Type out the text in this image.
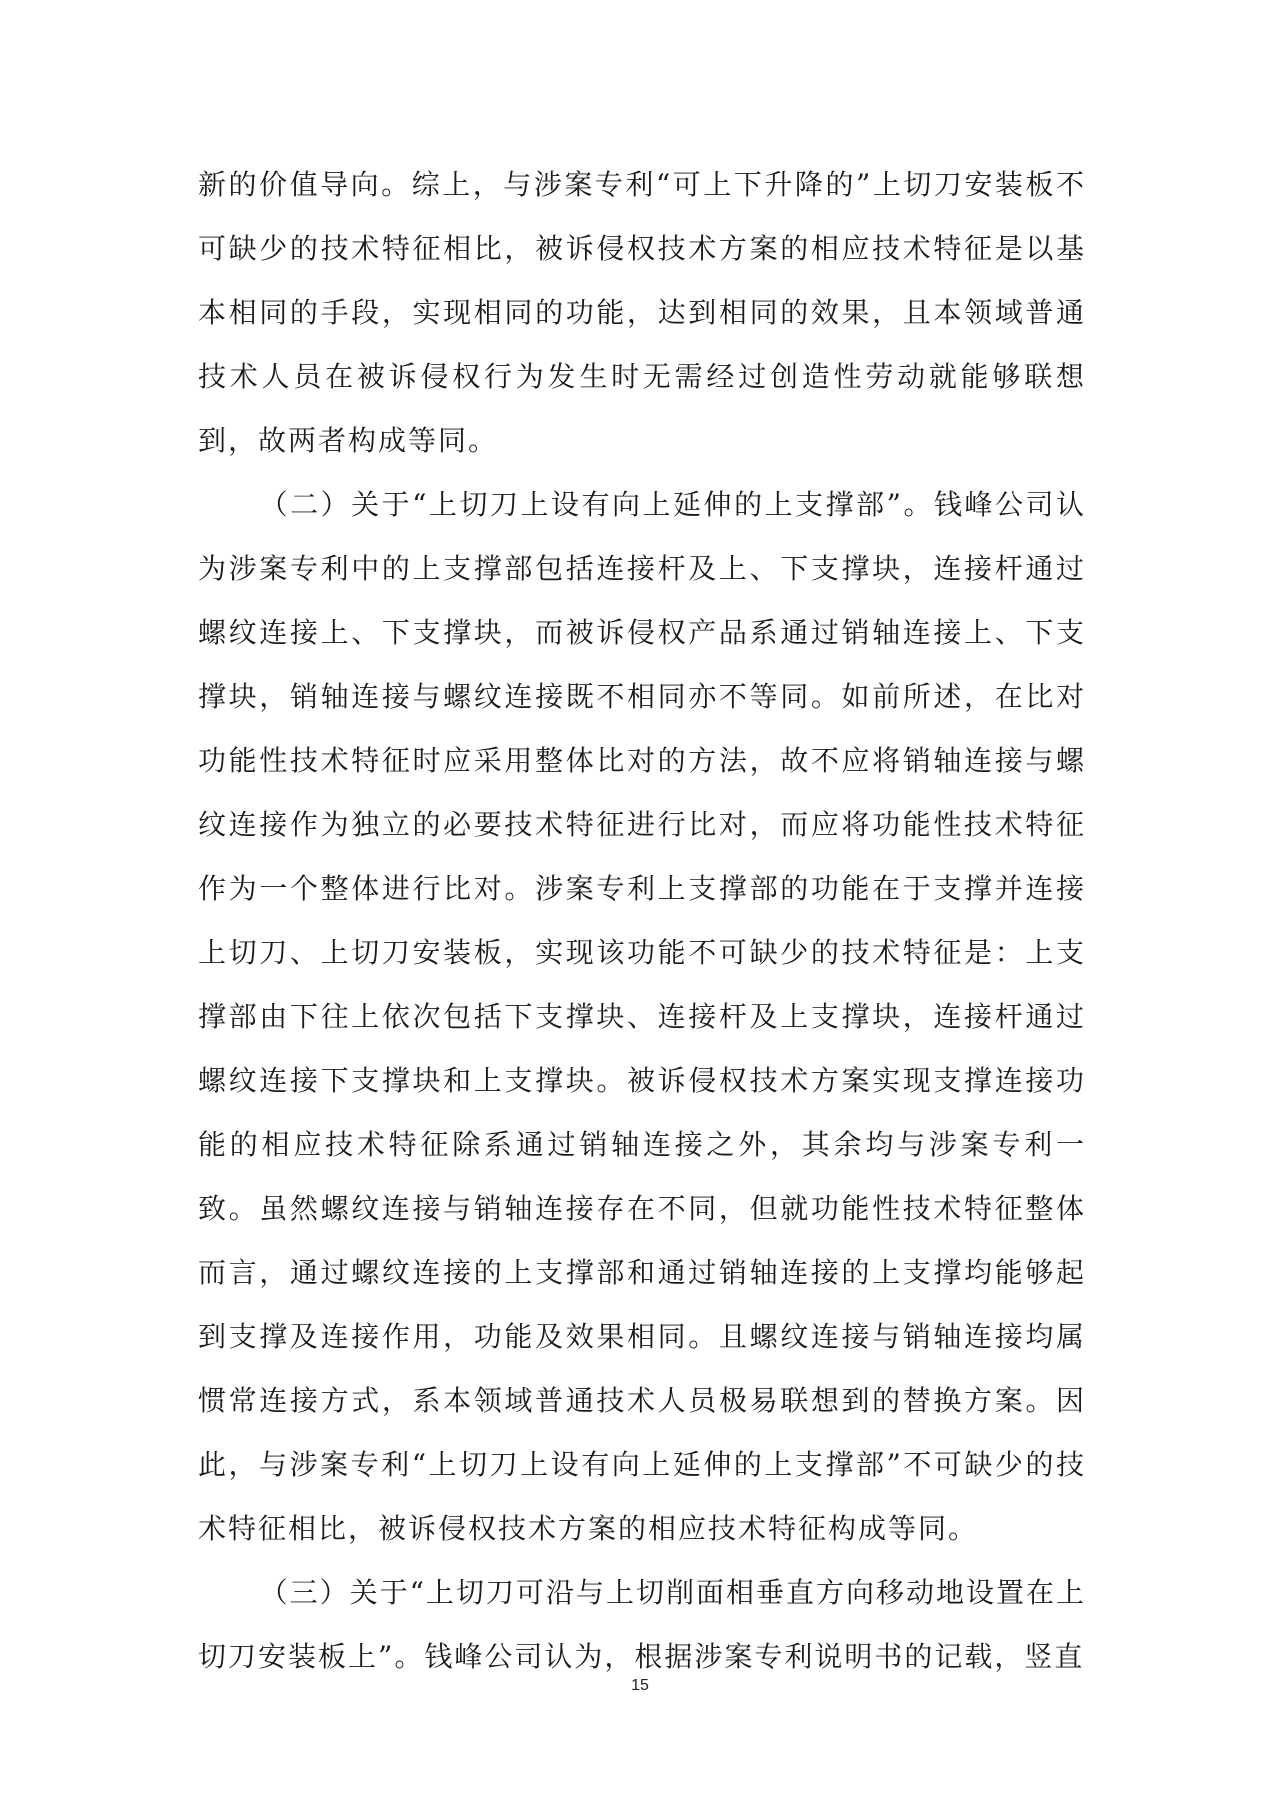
新的价值导向。综上，与涉案专利“可上下升降的”上切刀安装板不可缺少的技术特征相比，被诉侵权技术方案的相应技术特征是以基本相同的手段，实现相同的功能，达到相同的效果，且本领域普通技术人员在被诉侵权行为发生时无需经过创造性劳动就能够联想到，故两者构成等同。

（二）关于“上切刀上设有向上延伸的上支撑部”。钱峰公司认为涉案专利中的上支撑部包括连接杆及上、下支撑块，连接杆通过螺纹连接上、下支撑块，而被诉侵权产品系通过销轴连接上、下支撑块，销轴连接与螺纹连接既不相同亦不等同。如前所述，在比对功能性技术特征时应采用整体比对的方法，故不应将销轴连接与螺纹连接作为独立的必要技术特征进行比对，而应将功能性技术特征作为一个整体进行比对。涉案专利上支撑部的功能在于支撑并连接上切刀、上切刀安装板，实现该功能不可缺少的技术特征是：上支撑部由下往上依次包括下支撑块、连接杆及上支撑块，连接杆通过螺纹连接下支撑块和上支撑块。被诉侵权技术方案实现支撑连接功能的相应技术特征除系通过销轴连接之外，其余均与涉案专利一致。虽然螺纹连接与销轴连接存在不同，但就功能性技术特征整体而言，通过螺纹连接的上支撑部和通过销轴连接的上支撑均能够起到支撑及连接作用，功能及效果相同。且螺纹连接与销轴连接均属惯常连接方式，系本领域普通技术人员极易联想到的替换方案。因此，与涉案专利“上切刀上设有向上延伸的上支撑部”不可缺少的技术特征相比，被诉侵权技术方案的相应技术特征构成等同。

（三）关于“上切刀可沿与上切削面相垂直方向移动地设置在上切刀安装板上”。钱峰公司认为，根据涉案专利说明书的记载，竖直

15
